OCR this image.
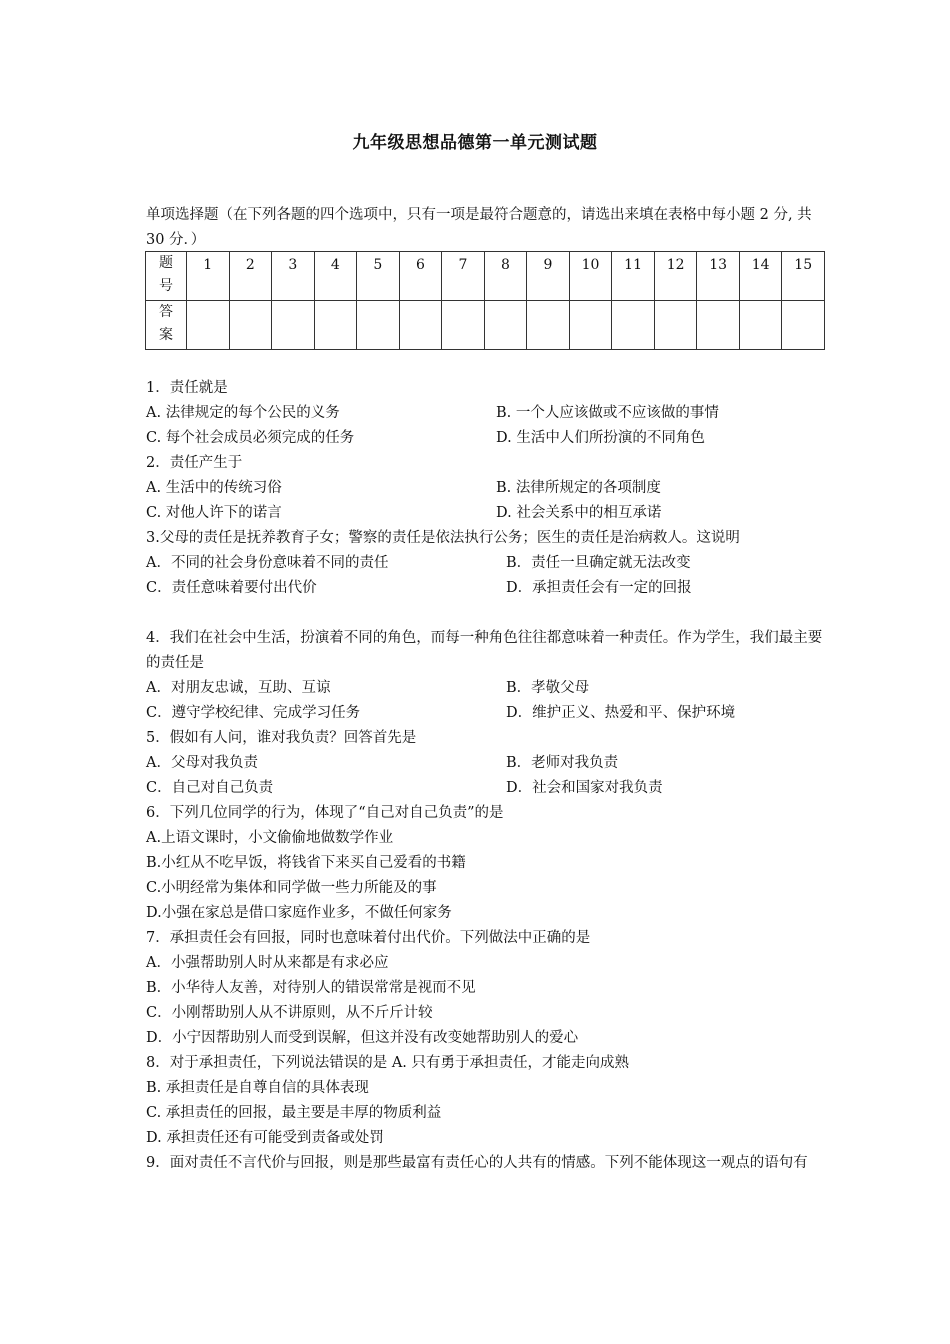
九年级思想品德第一单元测试题
单项选择题（在下列各题的四个选项中，只有一项是最符合题意的，请选出来填在表格中每小题 2 分, 共 30 分．）
题号	1	2	3	4	5	6	7	8	9	10	11	12	13	14	15
答案															
1．责任就是
A. 法律规定的每个公民的义务	B. 一个人应该做或不应该做的事情
C. 每个社会成员必须完成的任务	D. 生活中人们所扮演的不同角色
2．责任产生于
A. 生活中的传统习俗	B. 法律所规定的各项制度
C. 对他人许下的诺言	D. 社会关系中的相互承诺
3.父母的责任是抚养教育子女；警察的责任是依法执行公务；医生的责任是治病救人。这说明
A．不同的社会身份意味着不同的责任	B．责任一旦确定就无法改变
C．责任意味着要付出代价	D．承担责任会有一定的回报
4．我们在社会中生活，扮演着不同的角色，而每一种角色往往都意味着一种责任。作为学生，我们最主要的责任是
A．对朋友忠诚，互助、互谅	B．孝敬父母
C．遵守学校纪律、完成学习任务	D．维护正义、热爱和平、保护环境
5．假如有人问，谁对我负责？回答首先是
A．父母对我负责	B．老师对我负责
C．自己对自己负责	D．社会和国家对我负责
6．下列几位同学的行为，体现了“自己对自己负责”的是
A.上语文课时，小文偷偷地做数学作业
B.小红从不吃早饭，将钱省下来买自己爱看的书籍
C.小明经常为集体和同学做一些力所能及的事
D.小强在家总是借口家庭作业多，不做任何家务
7．承担责任会有回报，同时也意味着付出代价。下列做法中正确的是
A．小强帮助别人时从来都是有求必应
B．小华待人友善，对待别人的错误常常是视而不见
C．小刚帮助别人从不讲原则，从不斤斤计较
D．小宁因帮助别人而受到误解，但这并没有改变她帮助别人的爱心
8．对于承担责任，下列说法错误的是 A. 只有勇于承担责任，才能走向成熟
B. 承担责任是自尊自信的具体表现
C. 承担责任的回报，最主要是丰厚的物质利益
D. 承担责任还有可能受到责备或处罚
9．面对责任不言代价与回报，则是那些最富有责任心的人共有的情感。下列不能体现这一观点的语句有
